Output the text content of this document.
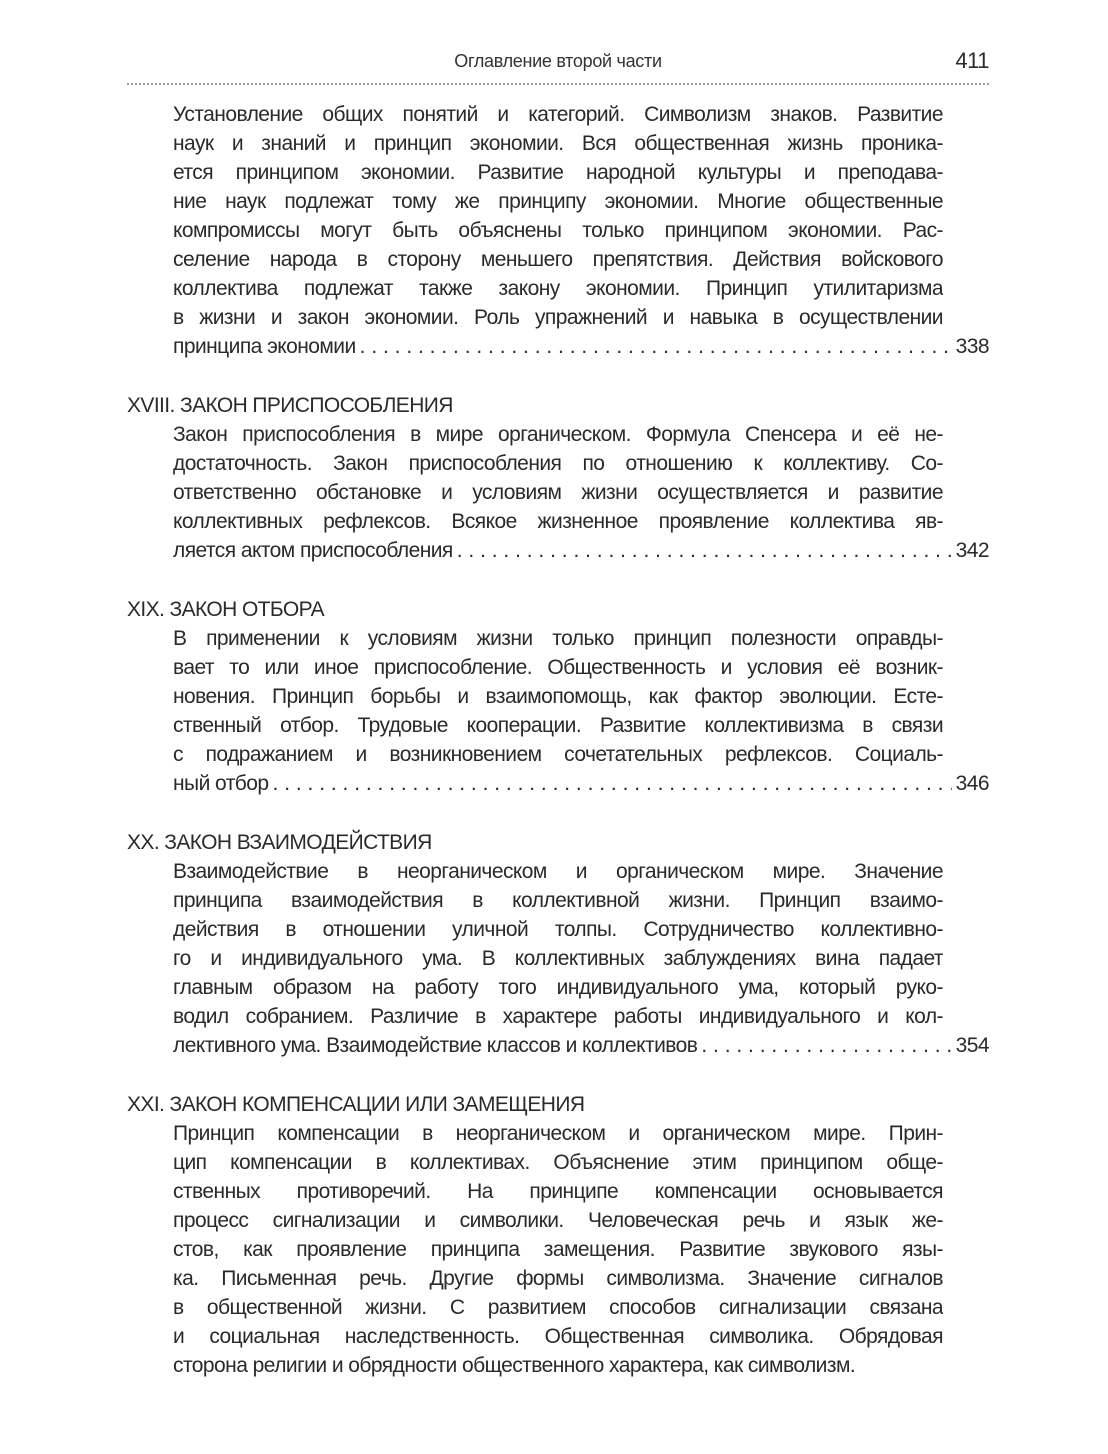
Оглавление второй части	411
Установление общих понятий и категорий. Символизм знаков. Развитие
наук и знаний и принцип экономии. Вся общественная жизнь проника-
ется принципом экономии. Развитие народной культуры и преподава-
ние наук подлежат тому же принципу экономии. Многие общественные
компромиссы могут быть объяснены только принципом экономии. Рас-
селение народа в сторону меньшего препятствия. Действия войскового
коллектива подлежат также закону экономии. Принцип утилитаризма
в жизни и закон экономии. Роль упражнений и навыка в осуществлении
принципа экономии . . .	338
XVIII. ЗАКОН ПРИСПОСОБЛЕНИЯ
Закон приспособления в мире органическом. Формула Спенсера и её не-
достаточность. Закон приспособления по отношению к коллективу. Со-
ответственно обстановке и условиям жизни осуществляется и развитие
коллективных рефлексов. Всякое жизненное проявление коллектива яв-
ляется актом приспособления . . .	342
XIX. ЗАКОН ОТБОРА
В применении к условиям жизни только принцип полезности оправды-
вает то или иное приспособление. Общественность и условия её возник-
новения. Принцип борьбы и взаимопомощь, как фактор эволюции. Есте-
ственный отбор. Трудовые кооперации. Развитие коллективизма в связи
с подражанием и возникновением сочетательных рефлексов. Социаль-
ный отбор . . .	346
XX. ЗАКОН ВЗАИМОДЕЙСТВИЯ
Взаимодействие в неорганическом и органическом мире. Значение
принципа взаимодействия в коллективной жизни. Принцип взаимо-
действия в отношении уличной толпы. Сотрудничество коллективно-
го и индивидуального ума. В коллективных заблуждениях вина падает
главным образом на работу того индивидуального ума, который руко-
водил собранием. Различие в характере работы индивидуального и кол-
лективного ума. Взаимодействие классов и коллективов . . .	354
XXI. ЗАКОН КОМПЕНСАЦИИ ИЛИ ЗАМЕЩЕНИЯ
Принцип компенсации в неорганическом и органическом мире. Прин-
цип компенсации в коллективах. Объяснение этим принципом обще-
ственных противоречий. На принципе компенсации основывается
процесс сигнализации и символики. Человеческая речь и язык же-
стов, как проявление принципа замещения. Развитие звукового язы-
ка. Письменная речь. Другие формы символизма. Значение сигналов
в общественной жизни. С развитием способов сигнализации связана
и социальная наследственность. Общественная символика. Обрядовая
сторона религии и обрядности общественного характера, как символизм.
